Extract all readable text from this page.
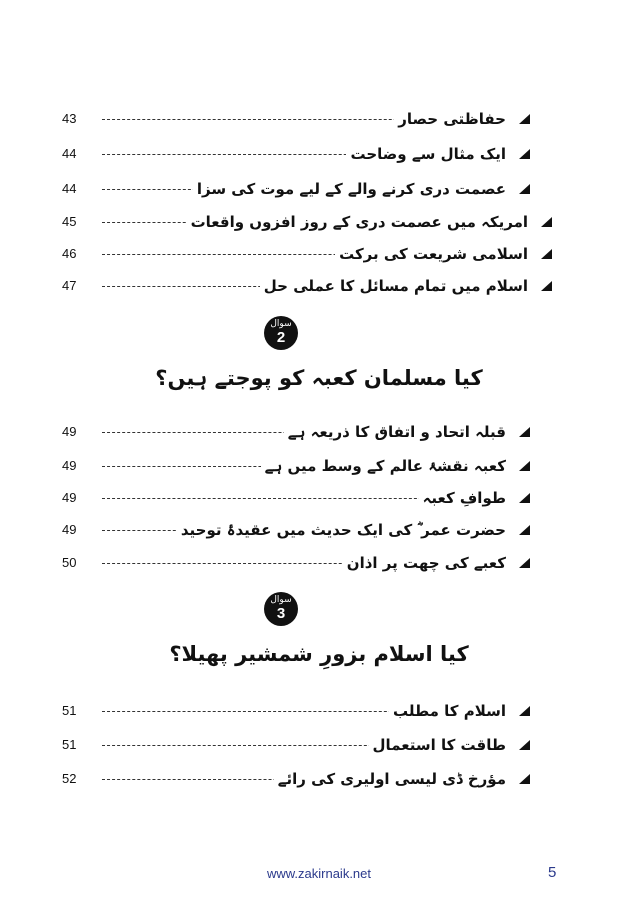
43	حفاظتی حصار
44	ایک مثال سے وضاحت
44	عصمت دری کرنے والے کے لیے موت کی سزا
45	امریکہ میں عصمت دری کے روز افزوں واقعات
46	اسلامی شریعت کی برکت
47	اسلام میں تمام مسائل کا عملی حل
سوال
2
کیا مسلمان کعبہ کو پوجتے ہیں؟
49	قبلہ اتحاد و اتفاق کا ذریعہ ہے
49	کعبہ نقشۂ عالم کے وسط میں ہے
49	طوافِ کعبہ
49	حضرت عمر ؓ کی ایک حدیث میں عقیدۂ توحید
50	کعبے کی چھت پر اذان
سوال
3
کیا اسلام بزورِ شمشیر پھیلا؟
51	اسلام کا مطلب
51	طاقت کا استعمال
52	مؤرخ ڈی لیسی اولیری کی رائے
www.zakirnaik.net	5
